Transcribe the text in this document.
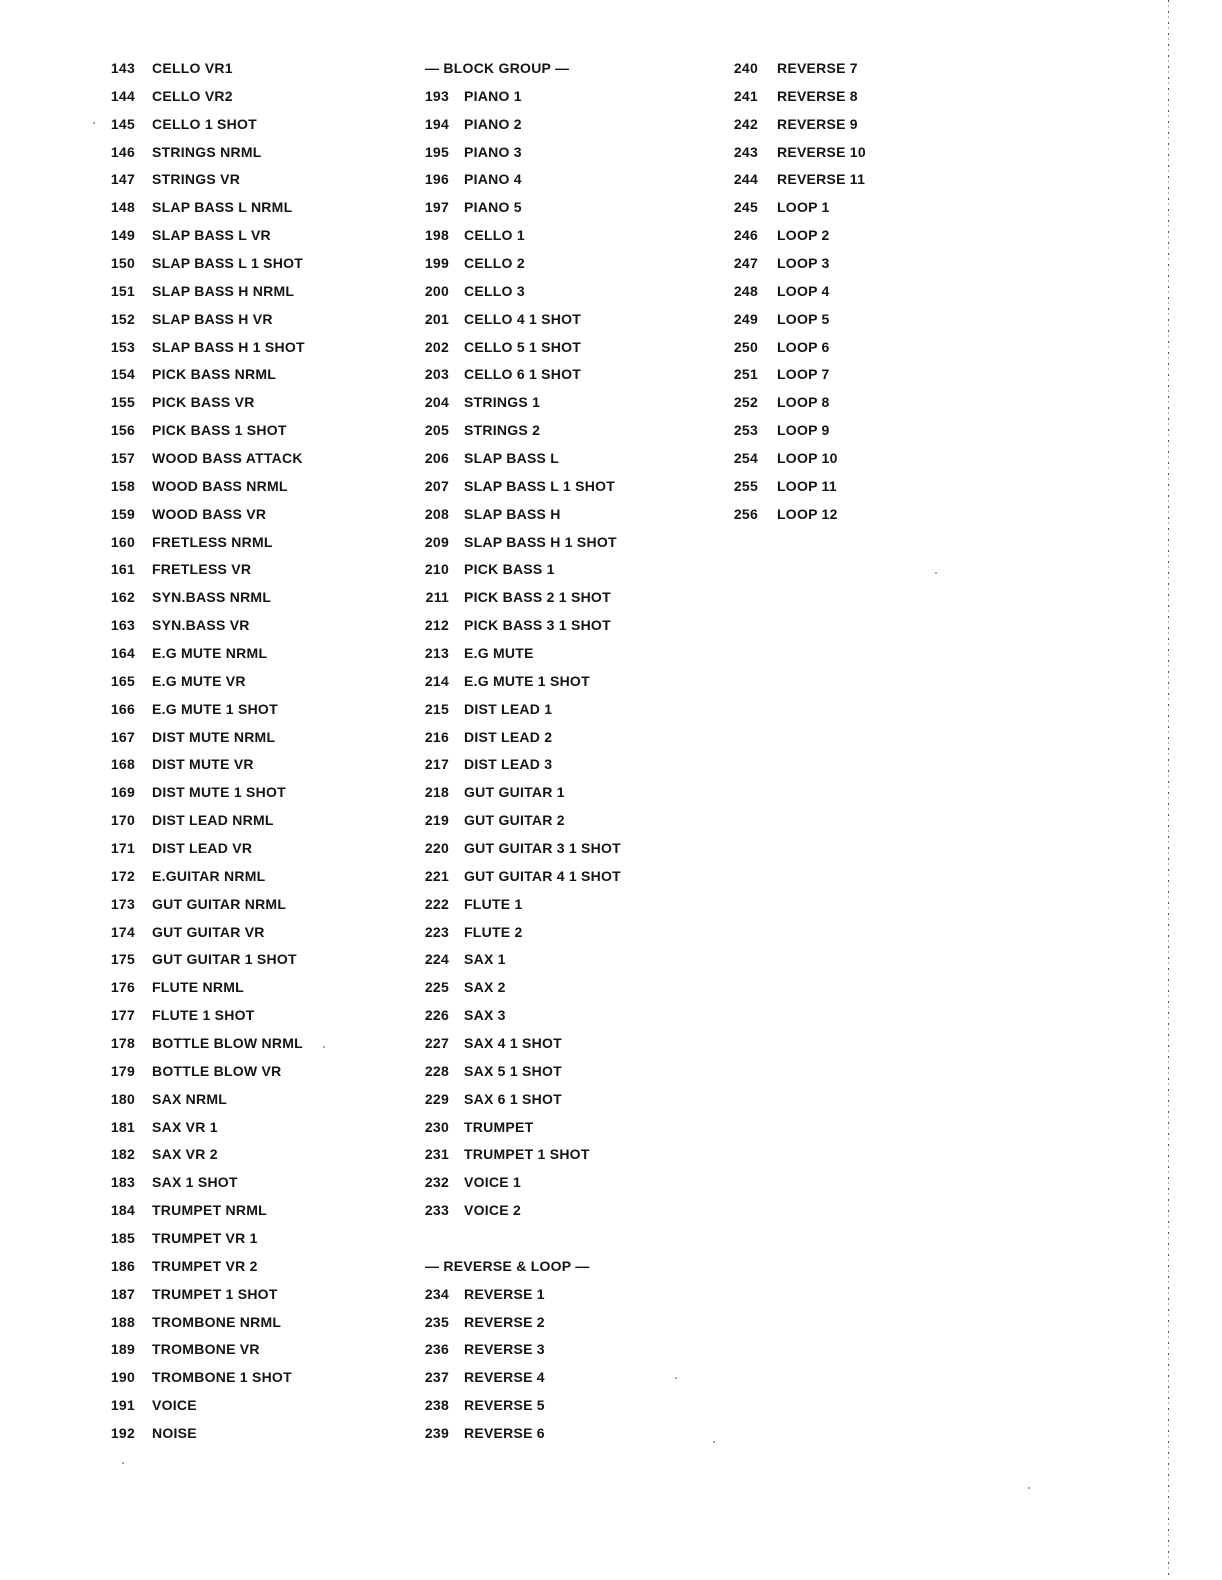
143 CELLO VR1
144 CELLO VR2
145 CELLO 1 SHOT
146 STRINGS NRML
147 STRINGS VR
148 SLAP BASS L NRML
149 SLAP BASS L VR
150 SLAP BASS L 1 SHOT
151 SLAP BASS H NRML
152 SLAP BASS H VR
153 SLAP BASS H 1 SHOT
154 PICK BASS NRML
155 PICK BASS VR
156 PICK BASS 1 SHOT
157 WOOD BASS ATTACK
158 WOOD BASS NRML
159 WOOD BASS VR
160 FRETLESS NRML
161 FRETLESS VR
162 SYN.BASS NRML
163 SYN.BASS VR
164 E.G MUTE NRML
165 E.G MUTE VR
166 E.G MUTE 1 SHOT
167 DIST MUTE NRML
168 DIST MUTE VR
169 DIST MUTE 1 SHOT
170 DIST LEAD NRML
171 DIST LEAD VR
172 E.GUITAR NRML
173 GUT GUITAR NRML
174 GUT GUITAR VR
175 GUT GUITAR 1 SHOT
176 FLUTE NRML
177 FLUTE 1 SHOT
178 BOTTLE BLOW NRML
179 BOTTLE BLOW VR
180 SAX NRML
181 SAX VR 1
182 SAX VR 2
183 SAX 1 SHOT
184 TRUMPET NRML
185 TRUMPET VR 1
186 TRUMPET VR 2
187 TRUMPET 1 SHOT
188 TROMBONE NRML
189 TROMBONE VR
190 TROMBONE 1 SHOT
191 VOICE
192 NOISE
— BLOCK GROUP —
193 PIANO 1
194 PIANO 2
195 PIANO 3
196 PIANO 4
197 PIANO 5
198 CELLO 1
199 CELLO 2
200 CELLO 3
201 CELLO 4 1 SHOT
202 CELLO 5 1 SHOT
203 CELLO 6 1 SHOT
204 STRINGS 1
205 STRINGS 2
206 SLAP BASS L
207 SLAP BASS L 1 SHOT
208 SLAP BASS H
209 SLAP BASS H 1 SHOT
210 PICK BASS 1
211 PICK BASS 2 1 SHOT
212 PICK BASS 3 1 SHOT
213 E.G MUTE
214 E.G MUTE 1 SHOT
215 DIST LEAD 1
216 DIST LEAD 2
217 DIST LEAD 3
218 GUT GUITAR 1
219 GUT GUITAR 2
220 GUT GUITAR 3 1 SHOT
221 GUT GUITAR 4 1 SHOT
222 FLUTE 1
223 FLUTE 2
224 SAX 1
225 SAX 2
226 SAX 3
227 SAX 4 1 SHOT
228 SAX 5 1 SHOT
229 SAX 6 1 SHOT
230 TRUMPET
231 TRUMPET 1 SHOT
232 VOICE 1
233 VOICE 2
— REVERSE & LOOP —
234 REVERSE 1
235 REVERSE 2
236 REVERSE 3
237 REVERSE 4
238 REVERSE 5
239 REVERSE 6
240 REVERSE 7
241 REVERSE 8
242 REVERSE 9
243 REVERSE 10
244 REVERSE 11
245 LOOP 1
246 LOOP 2
247 LOOP 3
248 LOOP 4
249 LOOP 5
250 LOOP 6
251 LOOP 7
252 LOOP 8
253 LOOP 9
254 LOOP 10
255 LOOP 11
256 LOOP 12
